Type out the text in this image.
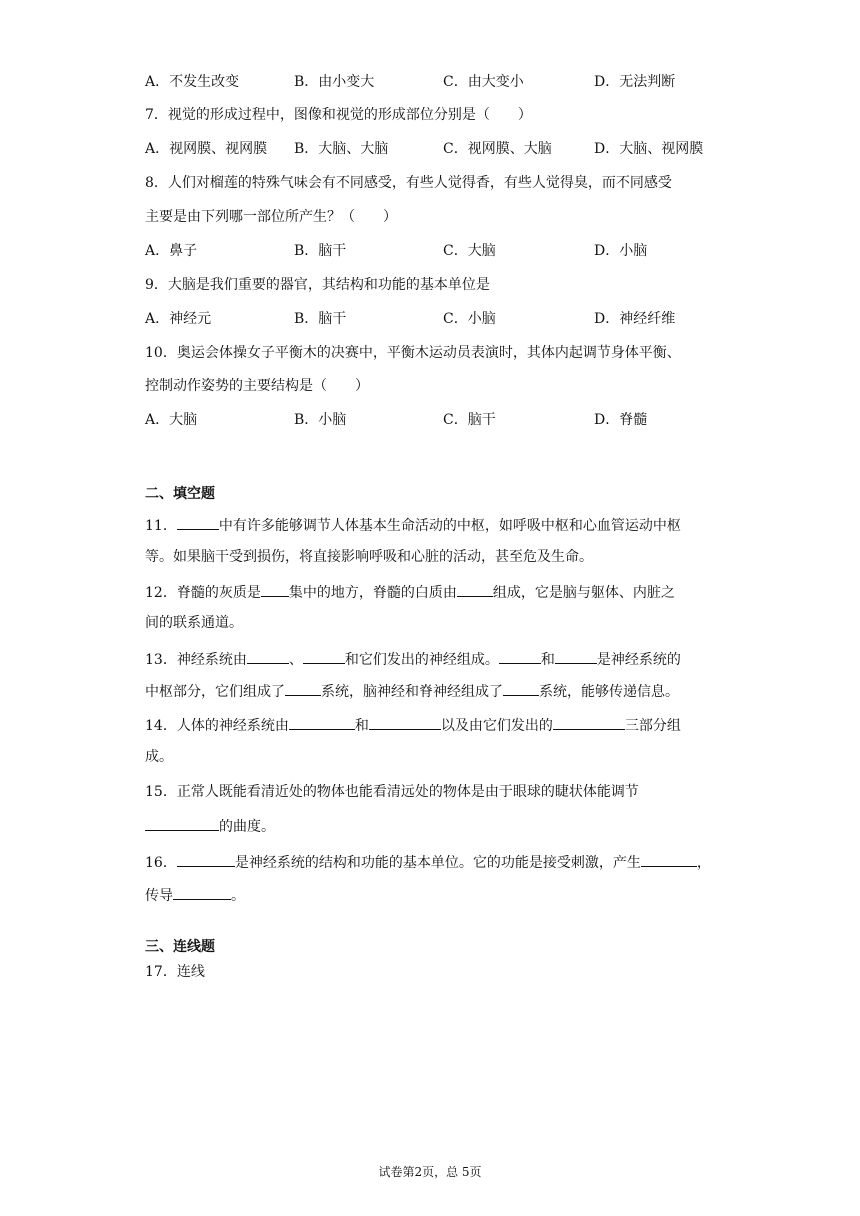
A．不发生改变	B．由小变大	C．由大变小	D．无法判断
7．视觉的形成过程中，图像和视觉的形成部位分别是（　　）
A．视网膜、视网膜 B．大脑、大脑	C．视网膜、大脑	D．大脑、视网膜
8．人们对榴莲的特殊气味会有不同感受，有些人觉得香，有些人觉得臭，而不同感受
主要是由下列哪一部位所产生？（　　）
A．鼻子	B．脑干	C．大脑	D．小脑
9．大脑是我们重要的器官，其结构和功能的基本单位是
A．神经元	B．脑干	C．小脑	D．神经纤维
10．奥运会体操女子平衡木的决赛中，平衡木运动员表演时，其体内起调节身体平衡、
控制动作姿势的主要结构是（　　）
A．大脑	B．小脑	C．脑干	D．脊髓
二、填空题
11．	中有许多能够调节人体基本生命活动的中枢，如呼吸中枢和心血管运动中枢
等。如果脑干受到损伤，将直接影响呼吸和心脏的活动，甚至危及生命。
12．脊髓的灰质是 集中的地方，脊髓的白质由	组成，它是脑与躯体、内脏之
间的联系通道。
13．神经系统由	、	和它们发出的神经组成。	和	是神经系统的
中枢部分，它们组成了	系统，脑神经和脊神经组成了	系统，能够传递信息。
14．人体的神经系统由	和	以及由它们发出的	三部分组
成。
15．正常人既能看清近处的物体也能看清远处的物体是由于眼球的睫状体能调节
的曲度。
16．	是神经系统的结构和功能的基本单位。它的功能是接受刺激，产生	，
传导	。
三、连线题
17．连线
试卷第2页，总 5页
